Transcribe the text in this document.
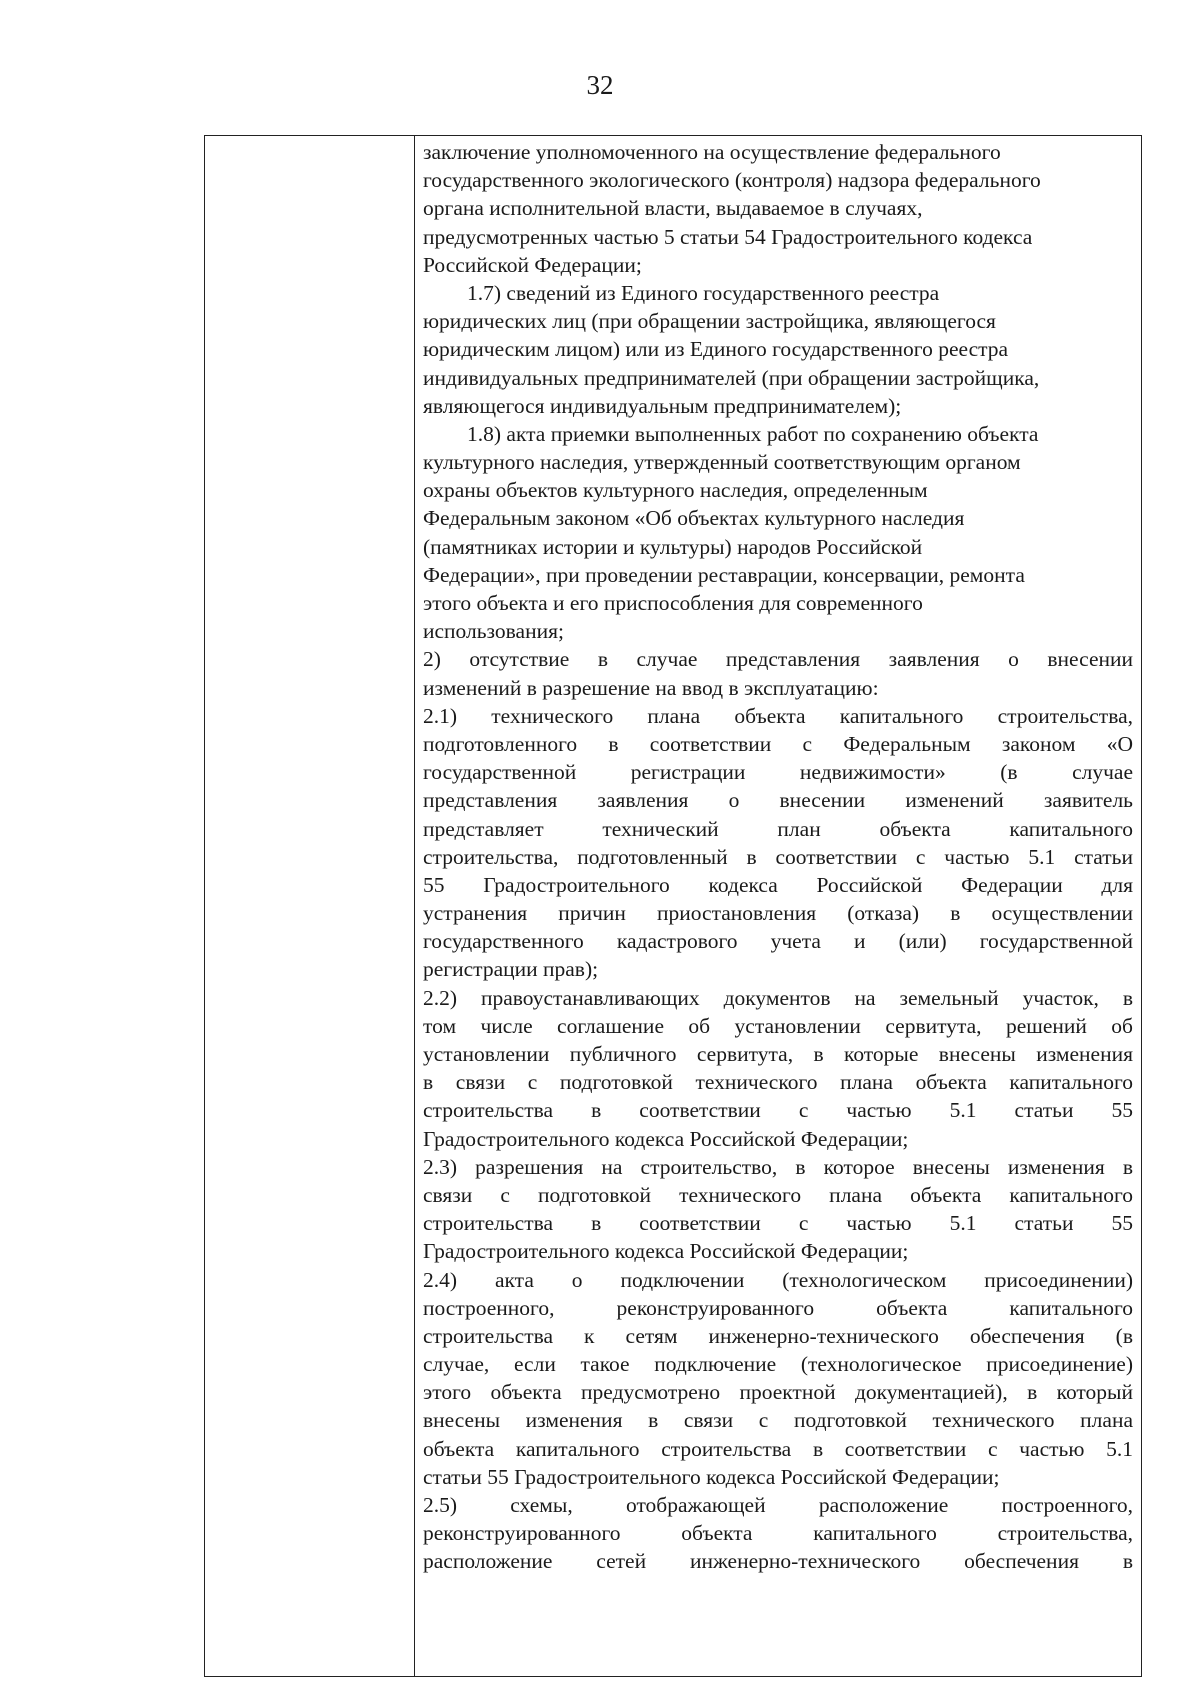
32
заключение уполномоченного на осуществление федерального
государственного экологического (контроля) надзора федерального
органа исполнительной власти, выдаваемое в случаях,
предусмотренных частью 5 статьи 54 Градостроительного кодекса
Российской Федерации;
1.7) сведений из Единого государственного реестра
юридических лиц (при обращении застройщика, являющегося
юридическим лицом) или из Единого государственного реестра
индивидуальных предпринимателей (при обращении застройщика,
являющегося индивидуальным предпринимателем);
1.8) акта приемки выполненных работ по сохранению объекта
культурного наследия, утвержденный соответствующим органом
охраны объектов культурного наследия, определенным
Федеральным законом «Об объектах культурного наследия
(памятниках истории и культуры) народов Российской
Федерации», при проведении реставрации, консервации, ремонта
этого объекта и его приспособления для современного
использования;
2) отсутствие в случае представления заявления о внесении
изменений в разрешение на ввод в эксплуатацию:
2.1) технического плана объекта капитального строительства,
подготовленного в соответствии с Федеральным законом «О
государственной регистрации недвижимости» (в случае
представления заявления о внесении изменений заявитель
представляет технический план объекта капитального
строительства, подготовленный в соответствии с частью 5.1 статьи
55 Градостроительного кодекса Российской Федерации для
устранения причин приостановления (отказа) в осуществлении
государственного кадастрового учета и (или) государственной
регистрации прав);
2.2) правоустанавливающих документов на земельный участок, в
том числе соглашение об установлении сервитута, решений об
установлении публичного сервитута, в которые внесены изменения
в связи с подготовкой технического плана объекта капитального
строительства в соответствии с частью 5.1 статьи 55
Градостроительного кодекса Российской Федерации;
2.3) разрешения на строительство, в которое внесены изменения в
связи с подготовкой технического плана объекта капитального
строительства в соответствии с частью 5.1 статьи 55
Градостроительного кодекса Российской Федерации;
2.4) акта о подключении (технологическом присоединении)
построенного, реконструированного объекта капитального
строительства к сетям инженерно-технического обеспечения (в
случае, если такое подключение (технологическое присоединение)
этого объекта предусмотрено проектной документацией), в который
внесены изменения в связи с подготовкой технического плана
объекта капитального строительства в соответствии с частью 5.1
статьи 55 Градостроительного кодекса Российской Федерации;
2.5) схемы, отображающей расположение построенного,
реконструированного объекта капитального строительства,
расположение сетей инженерно-технического обеспечения в
